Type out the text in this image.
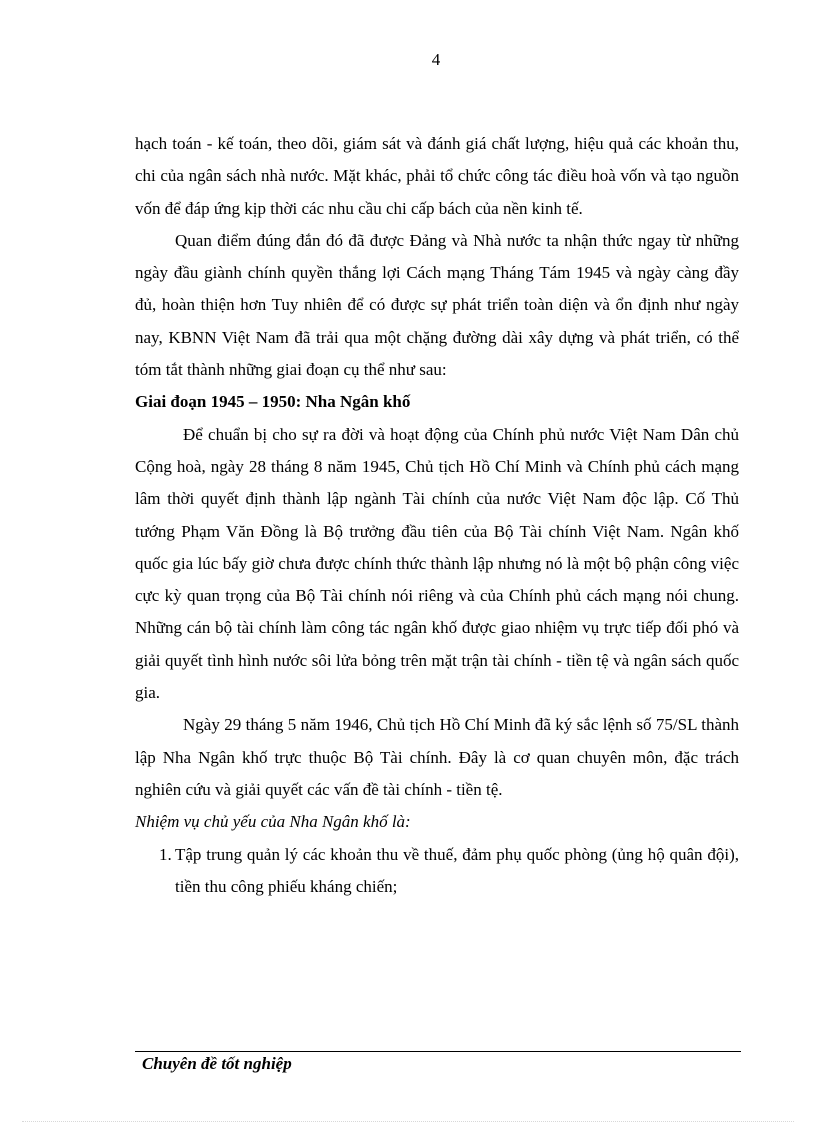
4

hạch toán - kế toán, theo dõi, giám sát và đánh giá chất lượng, hiệu quả các khoản thu, chi của ngân sách nhà nước. Mặt khác, phải tổ chức công tác điều hoà vốn và tạo nguồn vốn để đáp ứng kịp thời các nhu cầu chi cấp bách của nền kinh tế.

Quan điểm đúng đắn đó đã được Đảng và Nhà nước ta nhận thức ngay từ những ngày đầu giành chính quyền thắng lợi Cách mạng Tháng Tám 1945 và ngày càng đầy đủ, hoàn thiện hơn Tuy nhiên để có được sự phát triển toàn diện và ổn định như ngày nay, KBNN Việt Nam đã trải qua một chặng đường dài xây dựng và phát triển, có thể tóm tắt thành những giai đoạn cụ thể như sau:

Giai đoạn 1945 – 1950: Nha Ngân khố

Để chuẩn bị cho sự ra đời và hoạt động của Chính phủ nước Việt Nam Dân chủ Cộng hoà, ngày 28 tháng 8 năm 1945, Chủ tịch Hồ Chí Minh và Chính phủ cách mạng lâm thời quyết định thành lập ngành Tài chính của nước Việt Nam độc lập. Cố Thủ tướng Phạm Văn Đồng là Bộ trưởng đầu tiên của Bộ Tài chính Việt Nam. Ngân khố quốc gia lúc bấy giờ chưa được chính thức thành lập nhưng nó là một bộ phận công việc cực kỳ quan trọng của Bộ Tài chính nói riêng và của Chính phủ cách mạng nói chung. Những cán bộ tài chính làm công tác ngân khố được giao nhiệm vụ trực tiếp đối phó và giải quyết tình hình nước sôi lửa bỏng trên mặt trận tài chính - tiền tệ và ngân sách quốc gia.

Ngày 29 tháng 5 năm 1946, Chủ tịch Hồ Chí Minh đã ký sắc lệnh số 75/SL thành lập Nha Ngân khố trực thuộc Bộ Tài chính. Đây là cơ quan chuyên môn, đặc trách nghiên cứu và giải quyết các vấn đề tài chính - tiền tệ.

Nhiệm vụ chủ yếu của Nha Ngân khố là:

1. Tập trung quản lý các khoản thu về thuế, đảm phụ quốc phòng (ủng hộ quân đội), tiền thu công phiếu kháng chiến;
Chuyên đề tốt nghiệp
